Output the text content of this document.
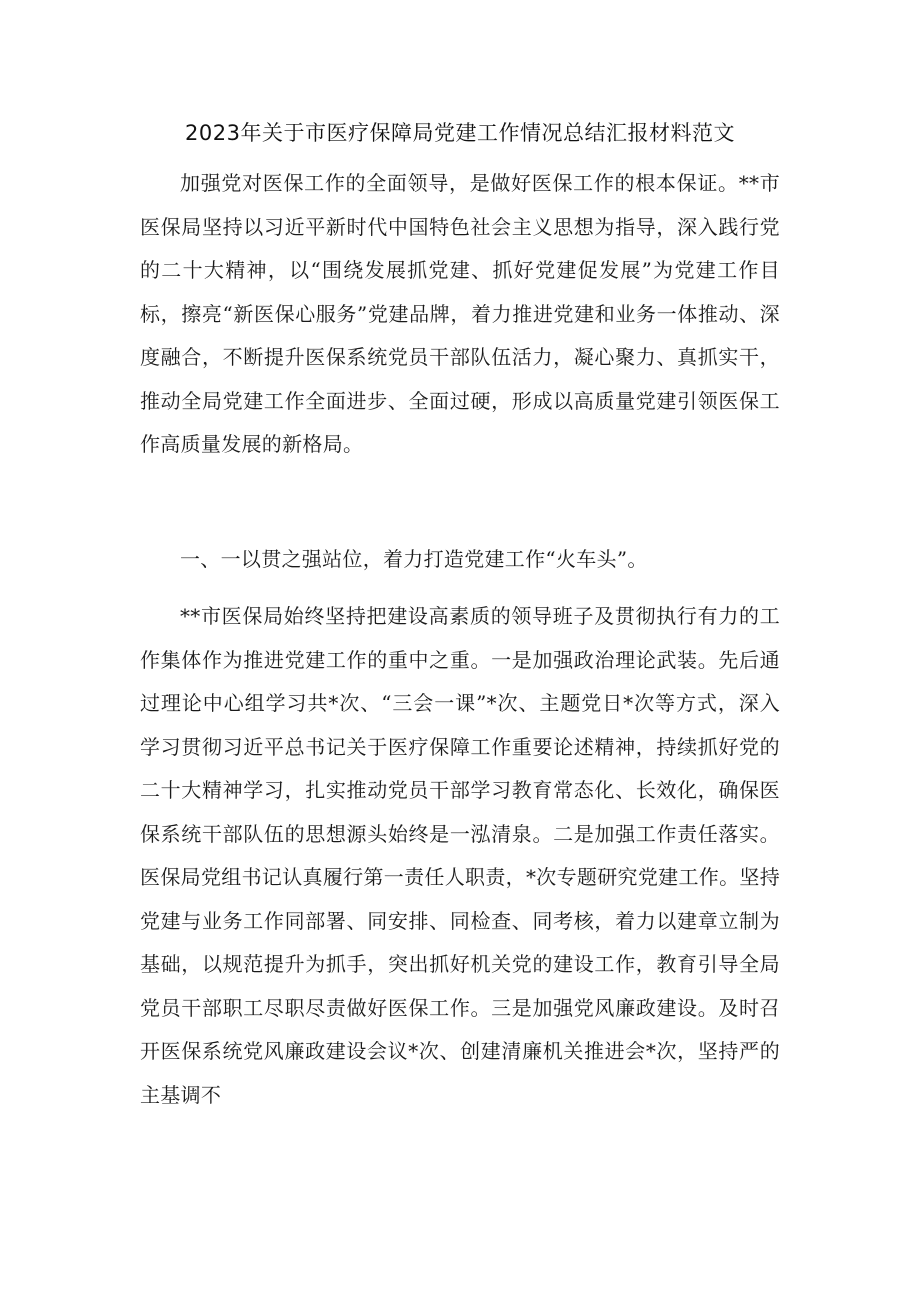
2023年关于市医疗保障局党建工作情况总结汇报材料范文

加强党对医保工作的全面领导，是做好医保工作的根本保证。**市医保局坚持以习近平新时代中国特色社会主义思想为指导，深入践行党的二十大精神，以“围绕发展抓党建、抓好党建促发展”为党建工作目标，擦亮“新医保心服务”党建品牌，着力推进党建和业务一体推动、深度融合，不断提升医保系统党员干部队伍活力，凝心聚力、真抓实干，推动全局党建工作全面进步、全面过硬，形成以高质量党建引领医保工作高质量发展的新格局。

一、一以贯之强站位，着力打造党建工作“火车头”。

**市医保局始终坚持把建设高素质的领导班子及贯彻执行有力的工作集体作为推进党建工作的重中之重。一是加强政治理论武装。先后通过理论中心组学习共*次、“三会一课”*次、主题党日*次等方式，深入学习贯彻习近平总书记关于医疗保障工作重要论述精神，持续抓好党的二十大精神学习，扎实推动党员干部学习教育常态化、长效化，确保医保系统干部队伍的思想源头始终是一泓清泉。二是加强工作责任落实。医保局党组书记认真履行第一责任人职责，*次专题研究党建工作。坚持党建与业务工作同部署、同安排、同检查、同考核，着力以建章立制为基础，以规范提升为抓手，突出抓好机关党的建设工作，教育引导全局党员干部职工尽职尽责做好医保工作。三是加强党风廉政建设。及时召开医保系统党风廉政建设会议*次、创建清廉机关推进会*次，坚持严的主基调不
